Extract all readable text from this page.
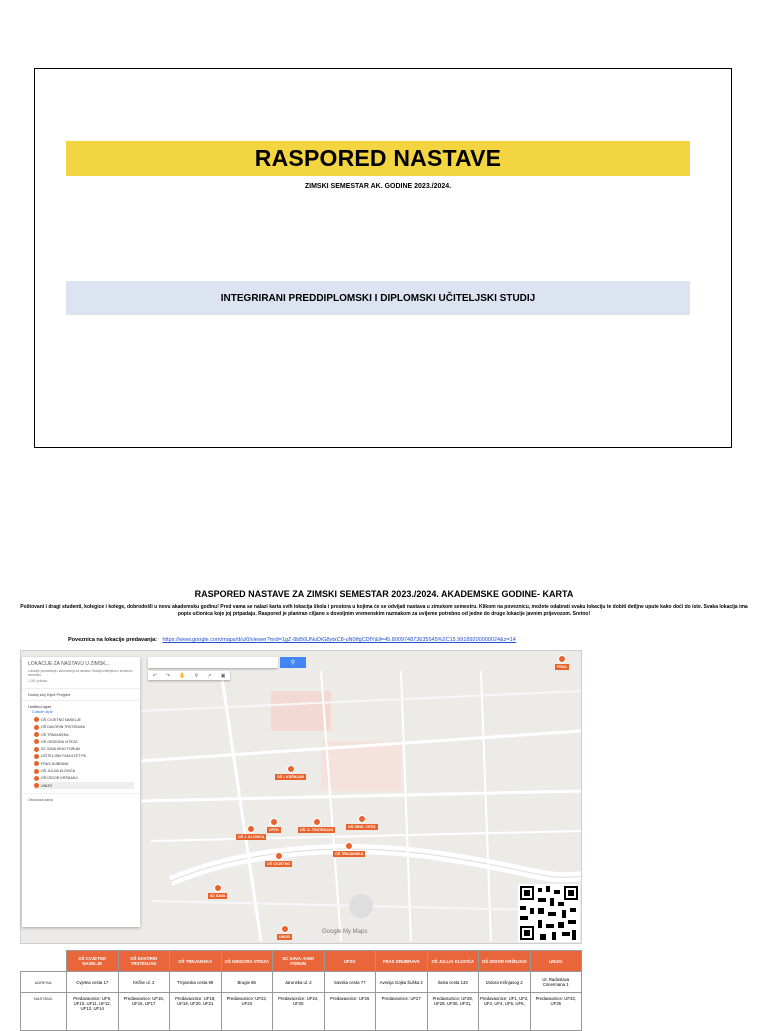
RASPORED NASTAVE
ZIMSKI SEMESTAR AK. GODINE 2023./2024.
INTEGRIRANI PREDDIPLOMSKI I DIPLOMSKI UČITELJSKI STUDIJ
RASPORED NASTAVE ZA ZIMSKI SEMESTAR 2023./2024. AKADEMSKE GODINE- KARTA
Poštovani i dragi studenti, kolegice i kolege, dobrodošli u novu akademsku godinu! Pred vama se nalazi karta svih lokacija škola i prostora u kojima će se odvijati nastava u zimskom semestru. Klikom na poveznicu, možete odabrati svaku lokaciju te dobiti detljne upute kako doći do iste. Svaka lokacija ima popis učionica koje joj pripadaju. Raspored je planiran ciljano s dovoljnim vremenskim razmakom za uvijeme potrebno od jedne do druge lokacije javnim prijevozom. Sretno!
Poveznica na lokacije predavanja: https://www.google.com/maps/d/u/0/viewer?mid=1gZ-8bB6UNuDiG8ytxC8-uN0tfgCDfY&ll=45.800974873635545%2C15.99189200000024&z=14
LOKACIJE ZA NASTAVU U ZIMSK...
Lokacije predavanja i laboratorija za nastavu Studija učiteljstva u zimskom semestru.
1.000 prikaza
Dodaj sloj Dijeli Pregled
Untitled layer
Custom style
OŠ CVJETNO NASELJE
OŠ DAVORIN TRSTENJAK
OŠ TRNJANSKA
OŠ GRIGORA VITEZA
SC SAVA KINO FORUM
UČITELJSKI FAKULTET PK
FRAS DUBRAVA
OŠ JULIJA KLOVIĆA
OŠ IZIDOR KRŠNJAVI
UNIZG
Osnovna karta
⚲
↶ ↷ ✋ ⚲ ↗ ▣
FRAS
OŠ I. KRŠNJAVI
OŠ J. KLOVIĆA
UFZG	OŠ. D. TRSTENJAK
OŠ GRIG. VITEZ
OŠ TRNJANSKA
OŠ CVJETNO
SC SAVA
UNIZG
Google My Maps
	OŠ CVJETNO NASELJE	OŠ DAVORIN TRSTENJAK	OŠ TRNJANSKA	OŠ GRIGORA VITEZA	SC SAVA- KINO FORUM	UFZG	FRAS DRUBRAVA	OŠ JULIJA KLOVIĆA	OŠ IZIDOR KRŠNJAVI	UNIZG
ADRESA:	Cvjetna cesta 17	Kričke ul. 3	Trnjanska cesta 99	Brugie 86	Jarunska ul. 2	Savska cesta 77	Avenija Gojka Šuška 2	Ilosta cesta 133	Izidora Kršnjavog 2	Ul. Radoslava Cimermana 1
NASTAVA:	Predavaonice: UF9, UF10, UF11, UF12, UF13, UF14	Predavaonice: UF15, UF16, UF17	Predavaonice: UF18, UF19, UF20, UF21	Predavaonice: UF22, UF23	Predavaonice: UF24, UF25	Predavaonice: UF26	Predavaonice: UF27	Predavaonice: UF28, UF29, UF30, UF31,	Predavaonice: UF1, UF2, UF3, UF4, UF5, UF6,	Predavaonice: UF33, UF35
